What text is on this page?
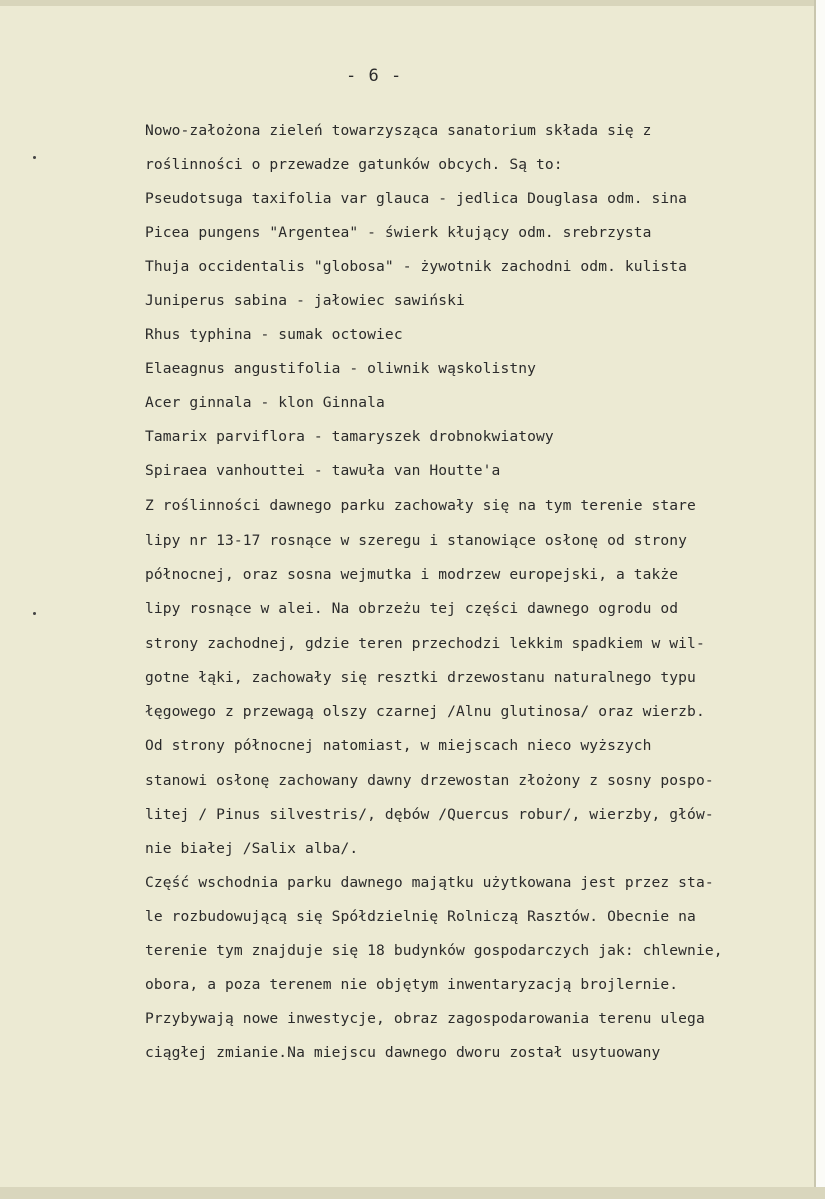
- 6 -
Nowo-założona zieleń towarzysząca sanatorium składa się z
roślinności o przewadze gatunków obcych. Są to:
Pseudotsuga taxifolia var glauca - jedlica Douglasa odm. sina
Picea pungens "Argentea" - świerk kłujący odm. srebrzysta
Thuja occidentalis "globosa" - żywotnik zachodni odm. kulista
Juniperus sabina - jałowiec sawiński
Rhus typhina - sumak octowiec
Elaeagnus angustifolia - oliwnik wąskolistny
Acer ginnala - klon Ginnala
Tamarix parviflora - tamaryszek drobnokwiatowy
Spiraea vanhouttei - tawuła van Houtte'a
Z roślinności dawnego parku zachowały się na tym terenie stare
lipy nr 13-17 rosnące w szeregu i stanowiące osłonę od strony
północnej, oraz sosna wejmutka i modrzew europejski, a także
lipy rosnące w alei. Na obrzeżu tej części dawnego ogrodu od
strony zachodnej, gdzie teren przechodzi lekkim spadkiem w wil-
gotne łąki, zachowały się resztki drzewostanu naturalnego typu
łęgowego z przewagą olszy czarnej /Alnu glutinosa/ oraz wierzb.
Od strony północnej natomiast, w miejscach nieco wyższych
stanowi osłonę zachowany dawny drzewostan złożony z sosny pospo-
litej / Pinus silvestris/, dębów /Quercus robur/, wierzby, głów-
nie białej /Salix alba/.
Część wschodnia parku dawnego majątku użytkowana jest przez sta-
le rozbudowującą się Spółdzielnię Rolniczą Rasztów. Obecnie na
terenie tym znajduje się 18 budynków gospodarczych jak: chlewnie,
obora, a poza terenem nie objętym inwentaryzacją brojlernie.
Przybywają nowe inwestycje, obraz zagospodarowania terenu ulega
ciągłej zmianie.Na miejscu dawnego dworu został usytuowany
